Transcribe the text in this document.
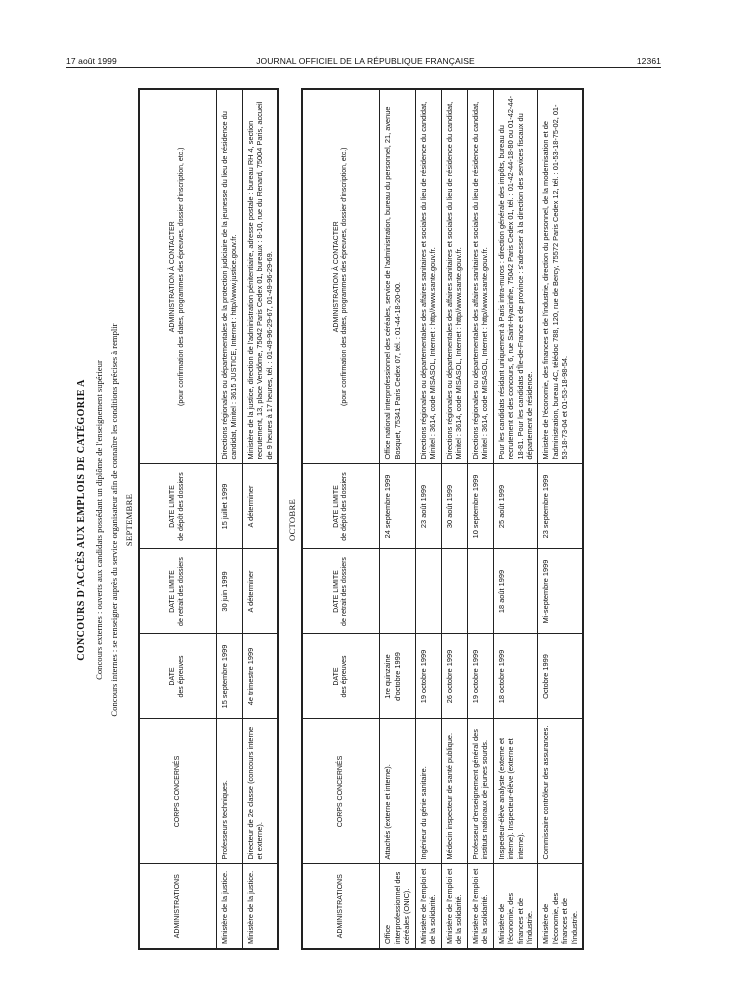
17 août 1999	JOURNAL OFFICIEL DE LA RÉPUBLIQUE FRANÇAISE	12361
CONCOURS D'ACCÈS AUX EMPLOIS DE CATÉGORIE A Concours externes : ouverts aux candidats possédant un diplôme de l'enseignement supérieur Concours internes : se renseigner auprès du service organisateur afin de connaître les conditions précises à remplir SEPTEMBRE
ADMINISTRATIONS	CORPS CONCERNÉS	DATE des épreuves	DATE LIMITE de retrait des dossiers	DATE LIMITE de dépôt des dossiers	ADMINISTRATION À CONTACTER (pour confirmation des dates, programmes des épreuves, dossier d'inscription, etc.)
Ministère de la justice.	Professeurs techniques.	15 septembre 1999	30 juin 1999	15 juillet 1999	Directions régionales ou départementales de la protection judiciaire de la jeunesse du lieu de résidence du candidat, Minitel : 3615 JUSTICE, Internet : http//www.justice.gouv.fr.
Ministère de la justice.	Directeur de 2e classe (concours interne et externe).	4e trimestre 1999	A déterminer	A déterminer	Ministère de la justice, direction de l'administration pénitentiaire, adresse postale : bureau RH 4, section recrutement, 13, place Vendôme, 75042 Paris Cedex 01, bureaux : 8-10, rue du Renard, 75004 Paris, accueil de 9 heures à 17 heures, tél. : 01-49-96-29-67, 01-49-96-29-69.
OCTOBRE
ADMINISTRATIONS	CORPS CONCERNÉS	DATE des épreuves	DATE LIMITE de retrait des dossiers	DATE LIMITE de dépôt des dossiers	ADMINISTRATION À CONTACTER (pour confirmation des dates, programmes des épreuves, dossier d'inscription, etc.)
Office interprofessionnel des céréales (ONIC).	Attachés (externe et interne).	1re quinzaine d'octobre 1999		24 septembre 1999	Office national interprofessionnel des céréales, service de l'administration, bureau du personnel, 21, avenue Bosquet, 75341 Paris Cedex 07, tél. : 01-44-18-20-00.
Ministère de l'emploi et de la solidarité.	Ingénieur du génie sanitaire.	19 octobre 1999		23 août 1999	Directions régionales ou départementales des affaires sanitaires et sociales du lieu de résidence du candidat, Minitel : 3614, code MISASOL, Internet : http//www.sante.gouv.fr.
Ministère de l'emploi et de la solidarité.	Médecin inspecteur de santé publique.	26 octobre 1999		30 août 1999	Directions régionales ou départementales des affaires sanitaires et sociales du lieu de résidence du candidat, Minitel : 3614, code MISASOL, Internet : http//www.sante.gouv.fr.
Ministère de l'emploi et de la solidarité.	Professeur d'enseignement général des instituts nationaux de jeunes sourds.	19 octobre 1999		10 septembre 1999	Directions régionales ou départementales des affaires sanitaires et sociales du lieu de résidence du candidat, Minitel : 3614, code MISASOL, Internet : http//www.sante.gouv.fr.
Ministère de l'économie, des finances et de l'industrie.	Inspecteur-élève analyste (externe et interne). Inspecteur-élève (externe et interne).	18 octobre 1999	18 août 1999	25 août 1999	Pour les candidats résidant uniquement à Paris intra-muros : direction générale des impôts, bureau du recrutement et des concours, 6, rue Saint-Hyacinthe, 75042 Paris Cedex 01, tél. : 01-42-44-18-80 ou 01-42-44-18-81. Pour les candidats d'Île-de-France et de province : s'adresser à la direction des services fiscaux du département de résidence.
Ministère de l'économie, des finances et de l'industrie.	Commissaire contrôleur des assurances.	Octobre 1999	Mi-septembre 1999	23 septembre 1999	Ministère de l'économie, des finances et de l'industrie, direction du personnel, de la modernisation et de l'administration, bureau 4C, télédoc 788, 120, rue de Bercy, 75572 Paris Cedex 12, tél. : 01-53-18-75-02, 01-53-18-73-04 et 01-53-18-98-54.
